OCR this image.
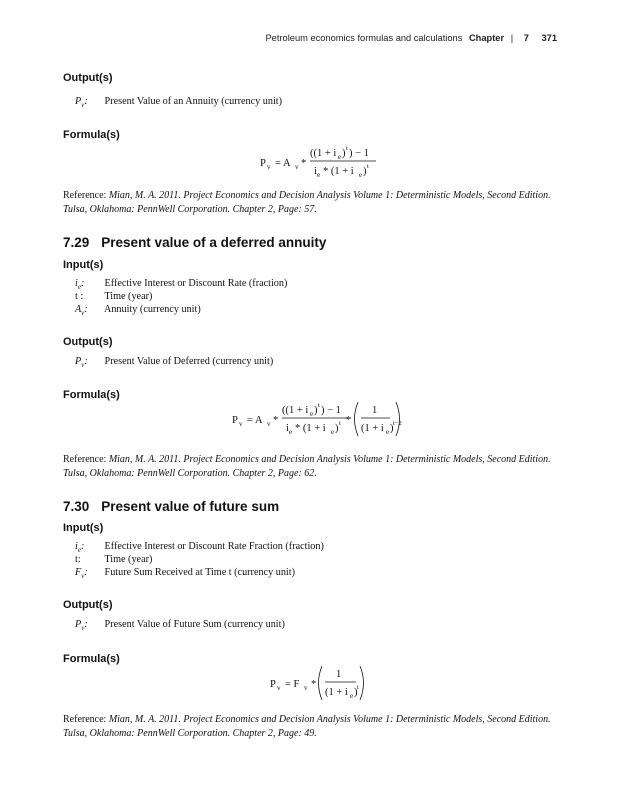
Petroleum economics formulas and calculations Chapter | 7 371
Output(s)
$P_v$: Present Value of an Annuity (currency unit)
Formula(s)
P v = A v *
((1 + i e ) t ) − 1
i e * (1 + i e ) t
Reference: Mian, M. A. 2011. Project Economics and Decision Analysis Volume 1: Deterministic Models, Second Edition.
Tulsa, Oklahoma: PennWell Corporation. Chapter 2, Page: 57.
7.29 Present value of a deferred annuity
Input(s)
$i_e$: Effective Interest or Discount Rate (fraction)
t : Time (year)
$A_v$: Annuity (currency unit)
Output(s)
$P_v$: Present Value of Deferred (currency unit)
Formula(s)
P v = A v *
((1 + i e ) t ) − 1
i e * (1 + i e ) t *
1
(1 + i e ) t−2
Reference: Mian, M. A. 2011. Project Economics and Decision Analysis Volume 1: Deterministic Models, Second Edition.
Tulsa, Oklahoma: PennWell Corporation. Chapter 2, Page: 62.
7.30 Present value of future sum
Input(s)
$i_e$: Effective Interest or Discount Rate Fraction (fraction)
t: Time (year)
$F_v$: Future Sum Received at Time t (currency unit)
Output(s)
$P_v$: Present Value of Future Sum (currency unit)
Formula(s)
P v = F v *
1
(1 + i e ) t
Reference: Mian, M. A. 2011. Project Economics and Decision Analysis Volume 1: Deterministic Models, Second Edition.
Tulsa, Oklahoma: PennWell Corporation. Chapter 2, Page: 49.
